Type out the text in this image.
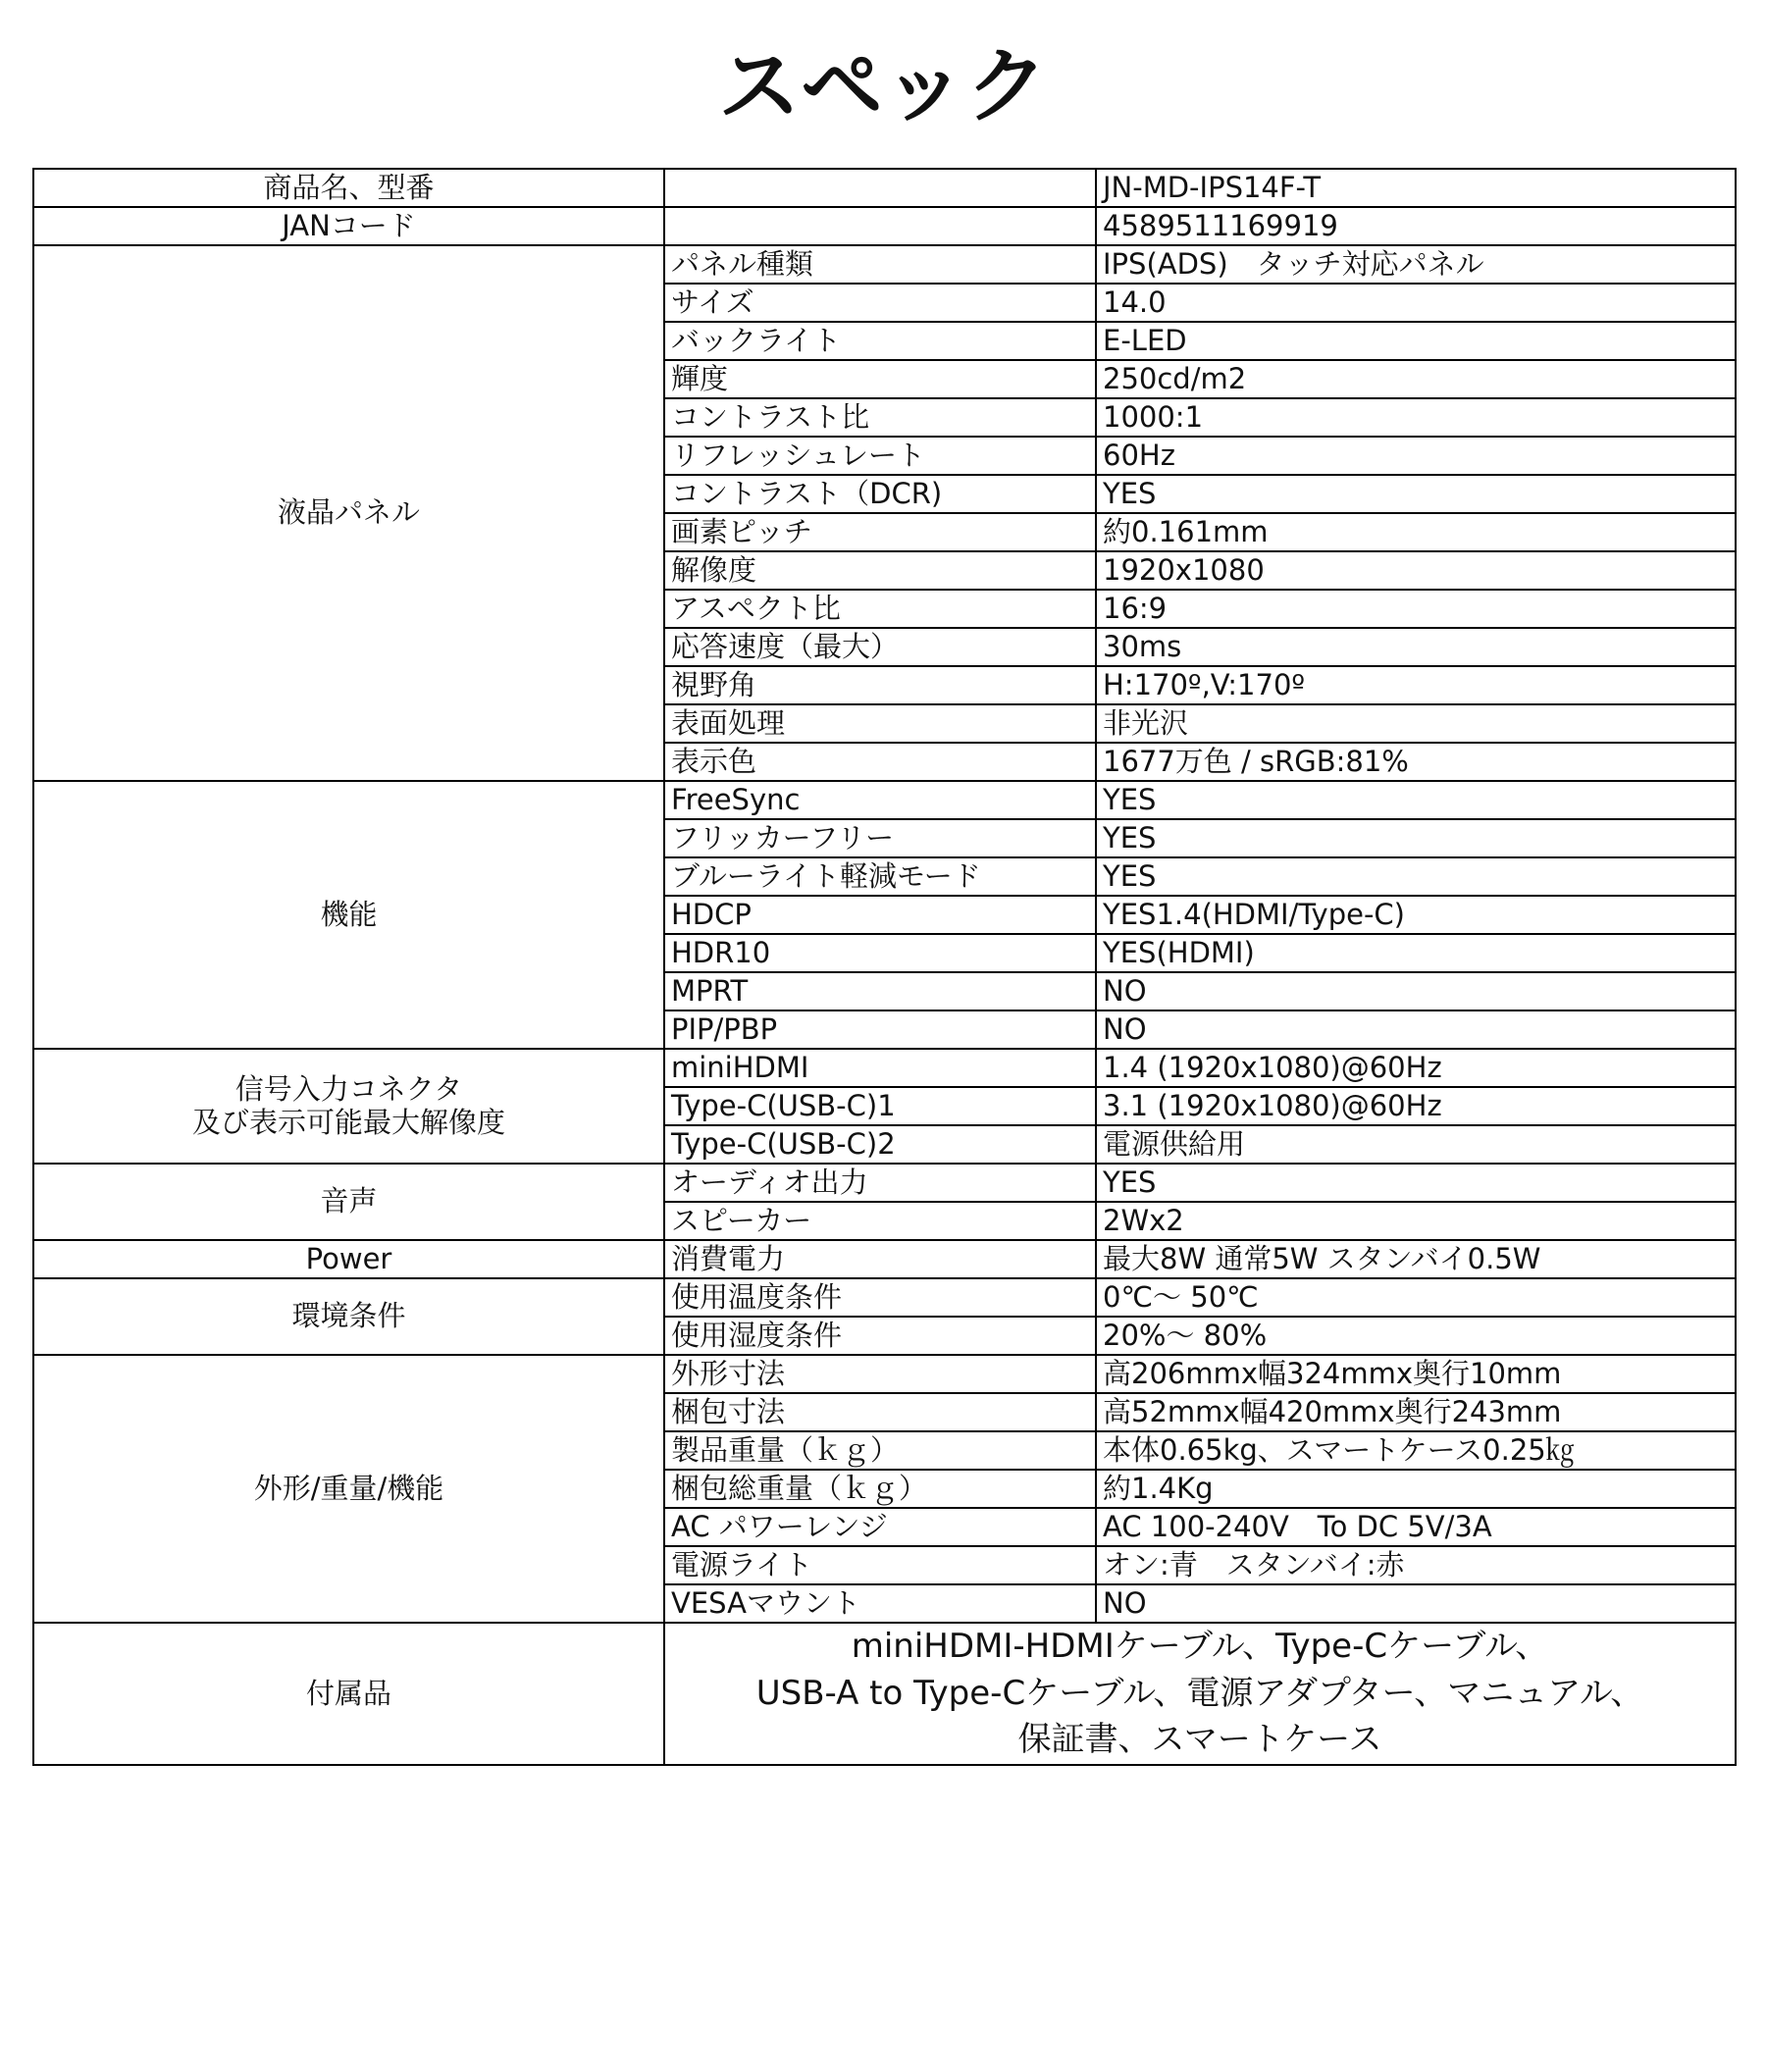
スペック
商品名、型番		JN-MD-IPS14F-T
JANコード		4589511169919
液晶パネル	パネル種類	IPS(ADS)　タッチ対応パネル
	サイズ	14.0
	バックライト	E-LED
	輝度	250cd/m2
	コントラスト比	1000:1
	リフレッシュレート	60Hz
	コントラスト（DCR)	YES
	画素ピッチ	約0.161mm
	解像度	1920x1080
	アスペクト比	16:9
	応答速度（最大）	30ms
	視野角	H:170º,V:170º
	表面処理	非光沢
	表示色	1677万色 / sRGB:81%
機能	FreeSync	YES
	フリッカーフリー	YES
	ブルーライト軽減モード	YES
	HDCP	YES1.4(HDMI/Type-C)
	HDR10	YES(HDMI)
	MPRT	NO
	PIP/PBP	NO

信号入力コネクタ
及び表示可能最大解像度	miniHDMI	1.4 (1920x1080)@60Hz
	Type-C(USB-C)1	3.1 (1920x1080)@60Hz
	Type-C(USB-C)2	電源供給用
音声	オーディオ出力	YES
	スピーカー	2Wx2
Power	消費電力	最大8W 通常5W スタンバイ0.5W
環境条件	使用温度条件	0℃～ 50℃
	使用湿度条件	20%～ 80%
外形/重量/機能	外形寸法	高206mmx幅324mmx奥行10mm
	梱包寸法	高52mmx幅420mmx奥行243mm
	製品重量（ｋｇ）	本体0.65kg、スマートケース0.25㎏
	梱包総重量（ｋｇ）	約1.4Kg
	AC パワーレンジ	AC 100-240V　To DC 5V/3A
	電源ライト	オン:青　スタンバイ:赤
	VESAマウント	NO
付属品	miniHDMI-HDMIケーブル、Type-Cケーブル、
USB-A to Type-Cケーブル、電源アダプター、マニュアル、
保証書、スマートケース	
